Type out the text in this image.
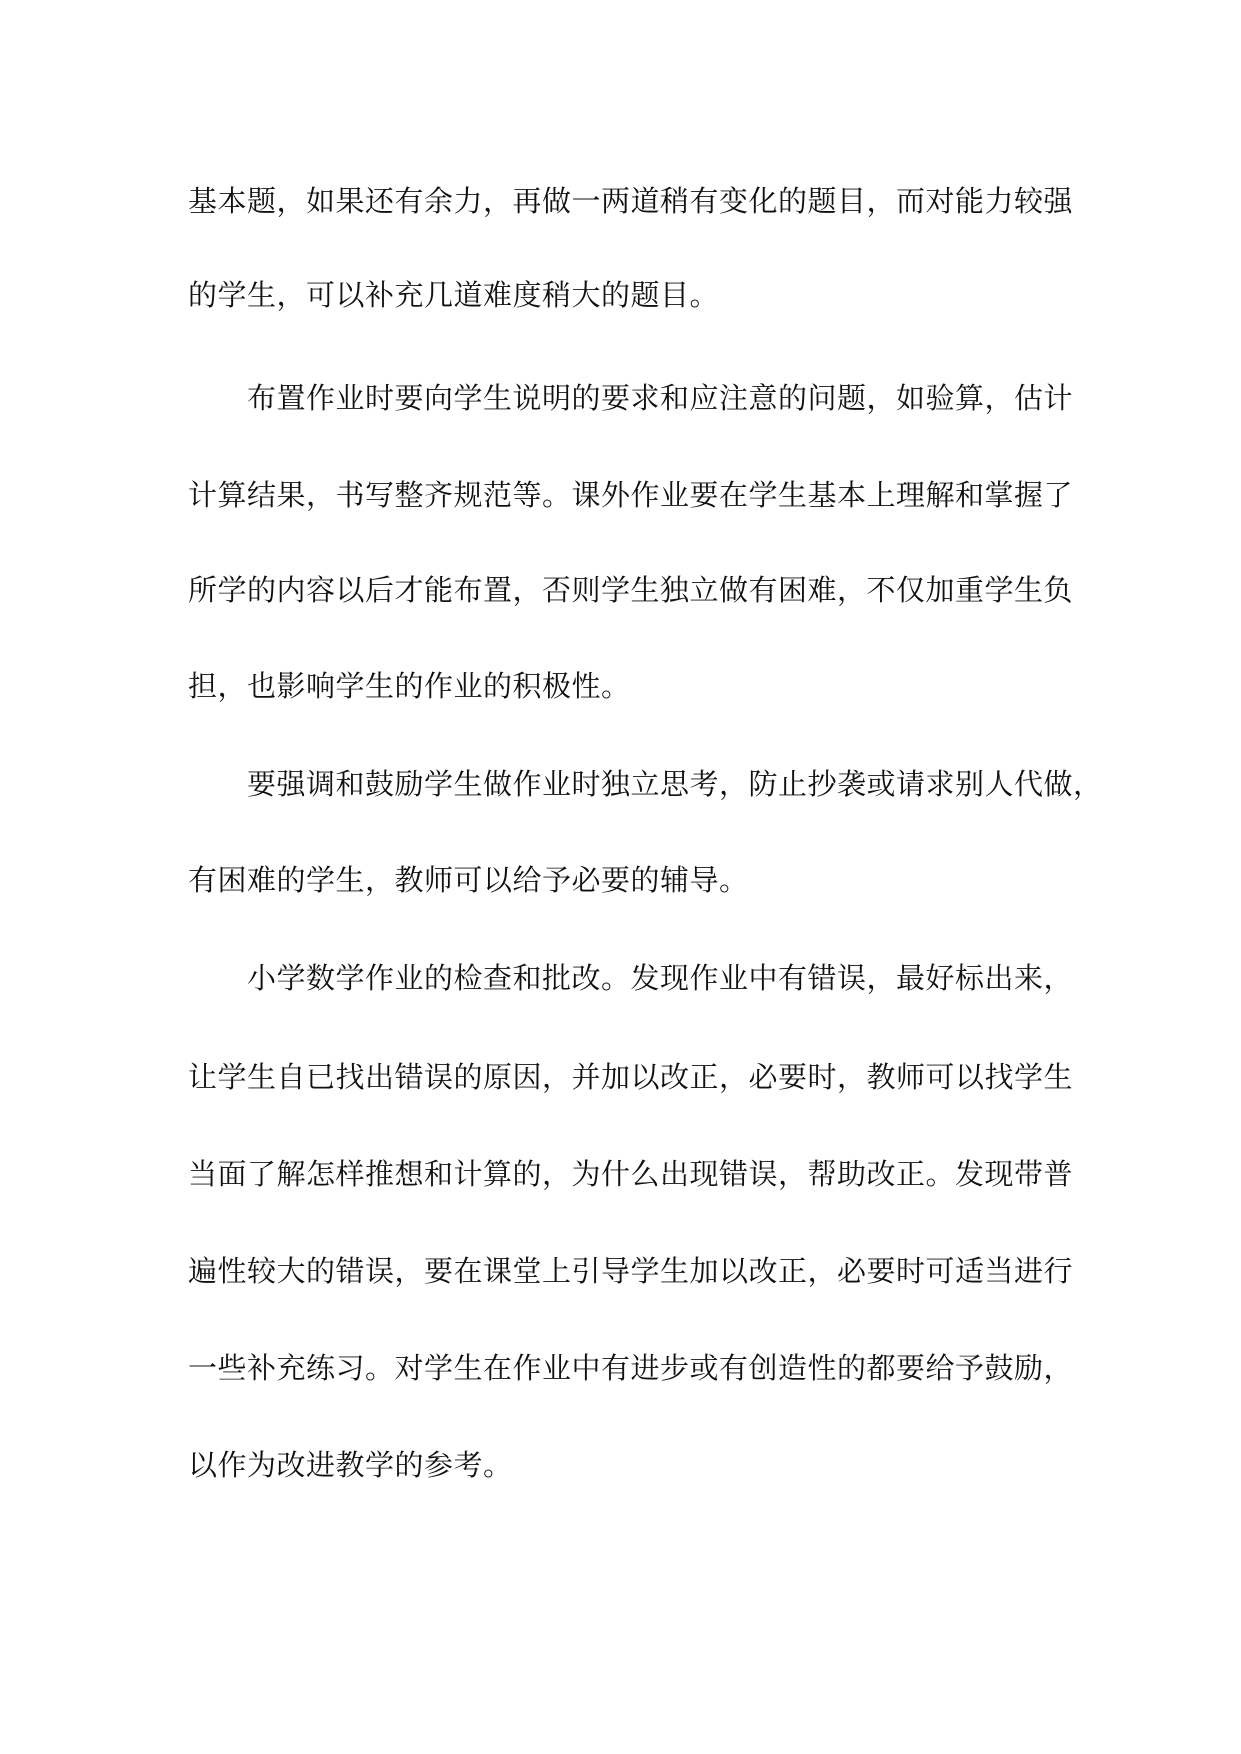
基本题，如果还有余力，再做一两道稍有变化的题目，而对能力较强
的学生，可以补充几道难度稍大的题目。
布置作业时要向学生说明的要求和应注意的问题，如验算，估计
计算结果，书写整齐规范等。课外作业要在学生基本上理解和掌握了
所学的内容以后才能布置，否则学生独立做有困难，不仅加重学生负
担，也影响学生的作业的积极性。
要强调和鼓励学生做作业时独立思考，防止抄袭或请求别人代做，
有困难的学生，教师可以给予必要的辅导。
小学数学作业的检查和批改。发现作业中有错误，最好标出来，
让学生自已找出错误的原因，并加以改正，必要时，教师可以找学生
当面了解怎样推想和计算的，为什么出现错误，帮助改正。发现带普
遍性较大的错误，要在课堂上引导学生加以改正，必要时可适当进行
一些补充练习。对学生在作业中有进步或有创造性的都要给予鼓励，
以作为改进教学的参考。
